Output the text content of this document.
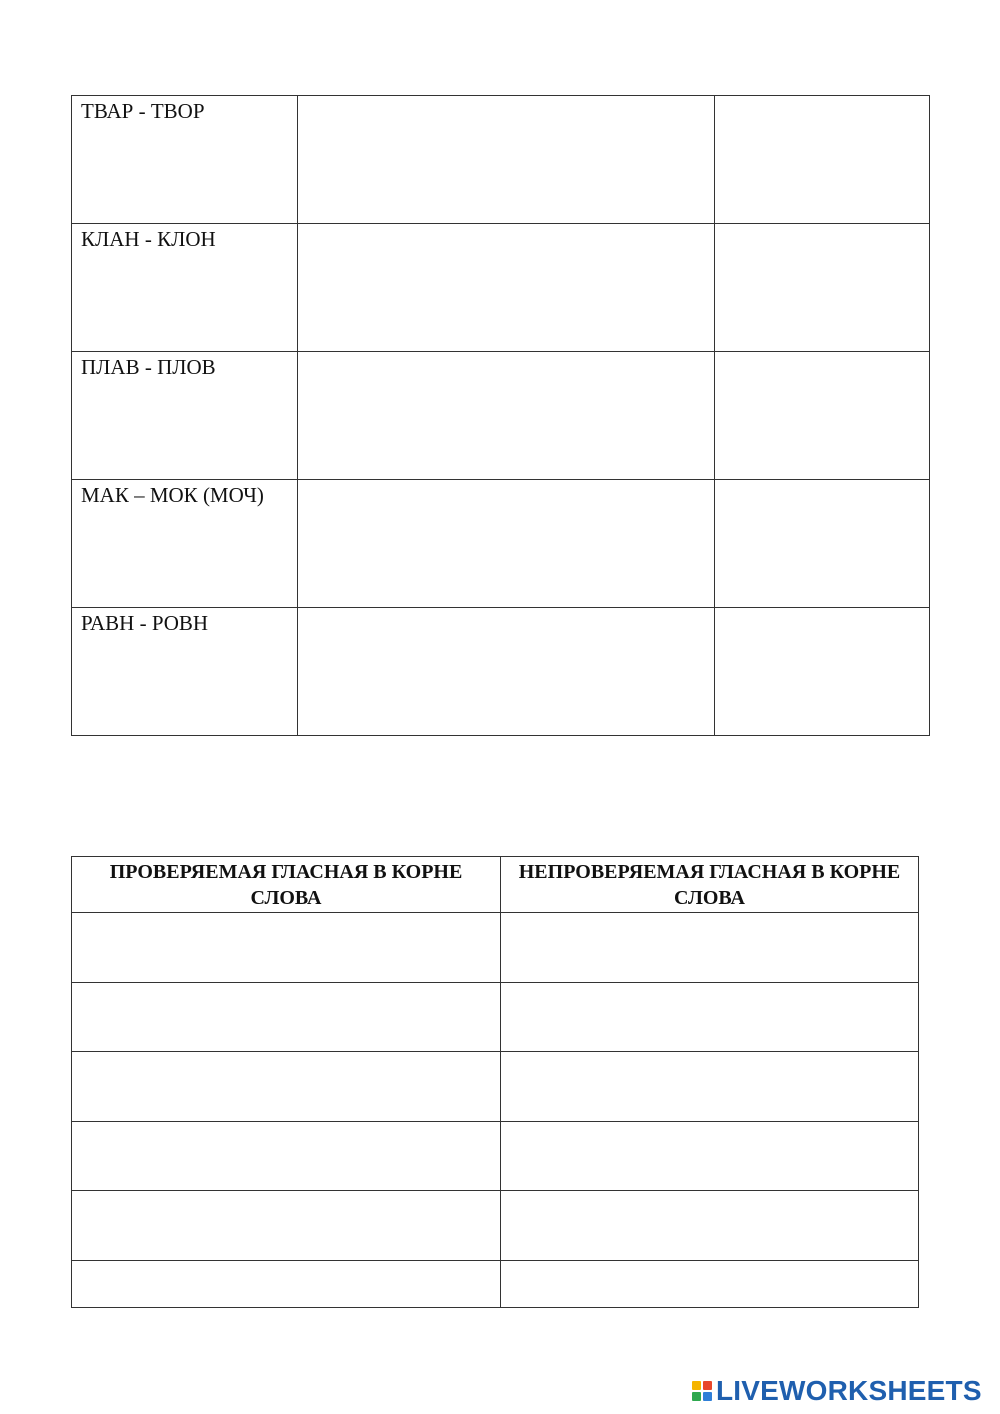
ТВАР - ТВОР		

КЛАН - КЛОН		

ПЛАВ - ПЛОВ		

МАК – МОК (МОЧ)		

РАВН - РОВН		

ПРОВЕРЯЕМАЯ ГЛАСНАЯ В КОРНЕ СЛОВА	НЕПРОВЕРЯЕМАЯ ГЛАСНАЯ В КОРНЕ СЛОВА

LIVEWORKSHEETS
